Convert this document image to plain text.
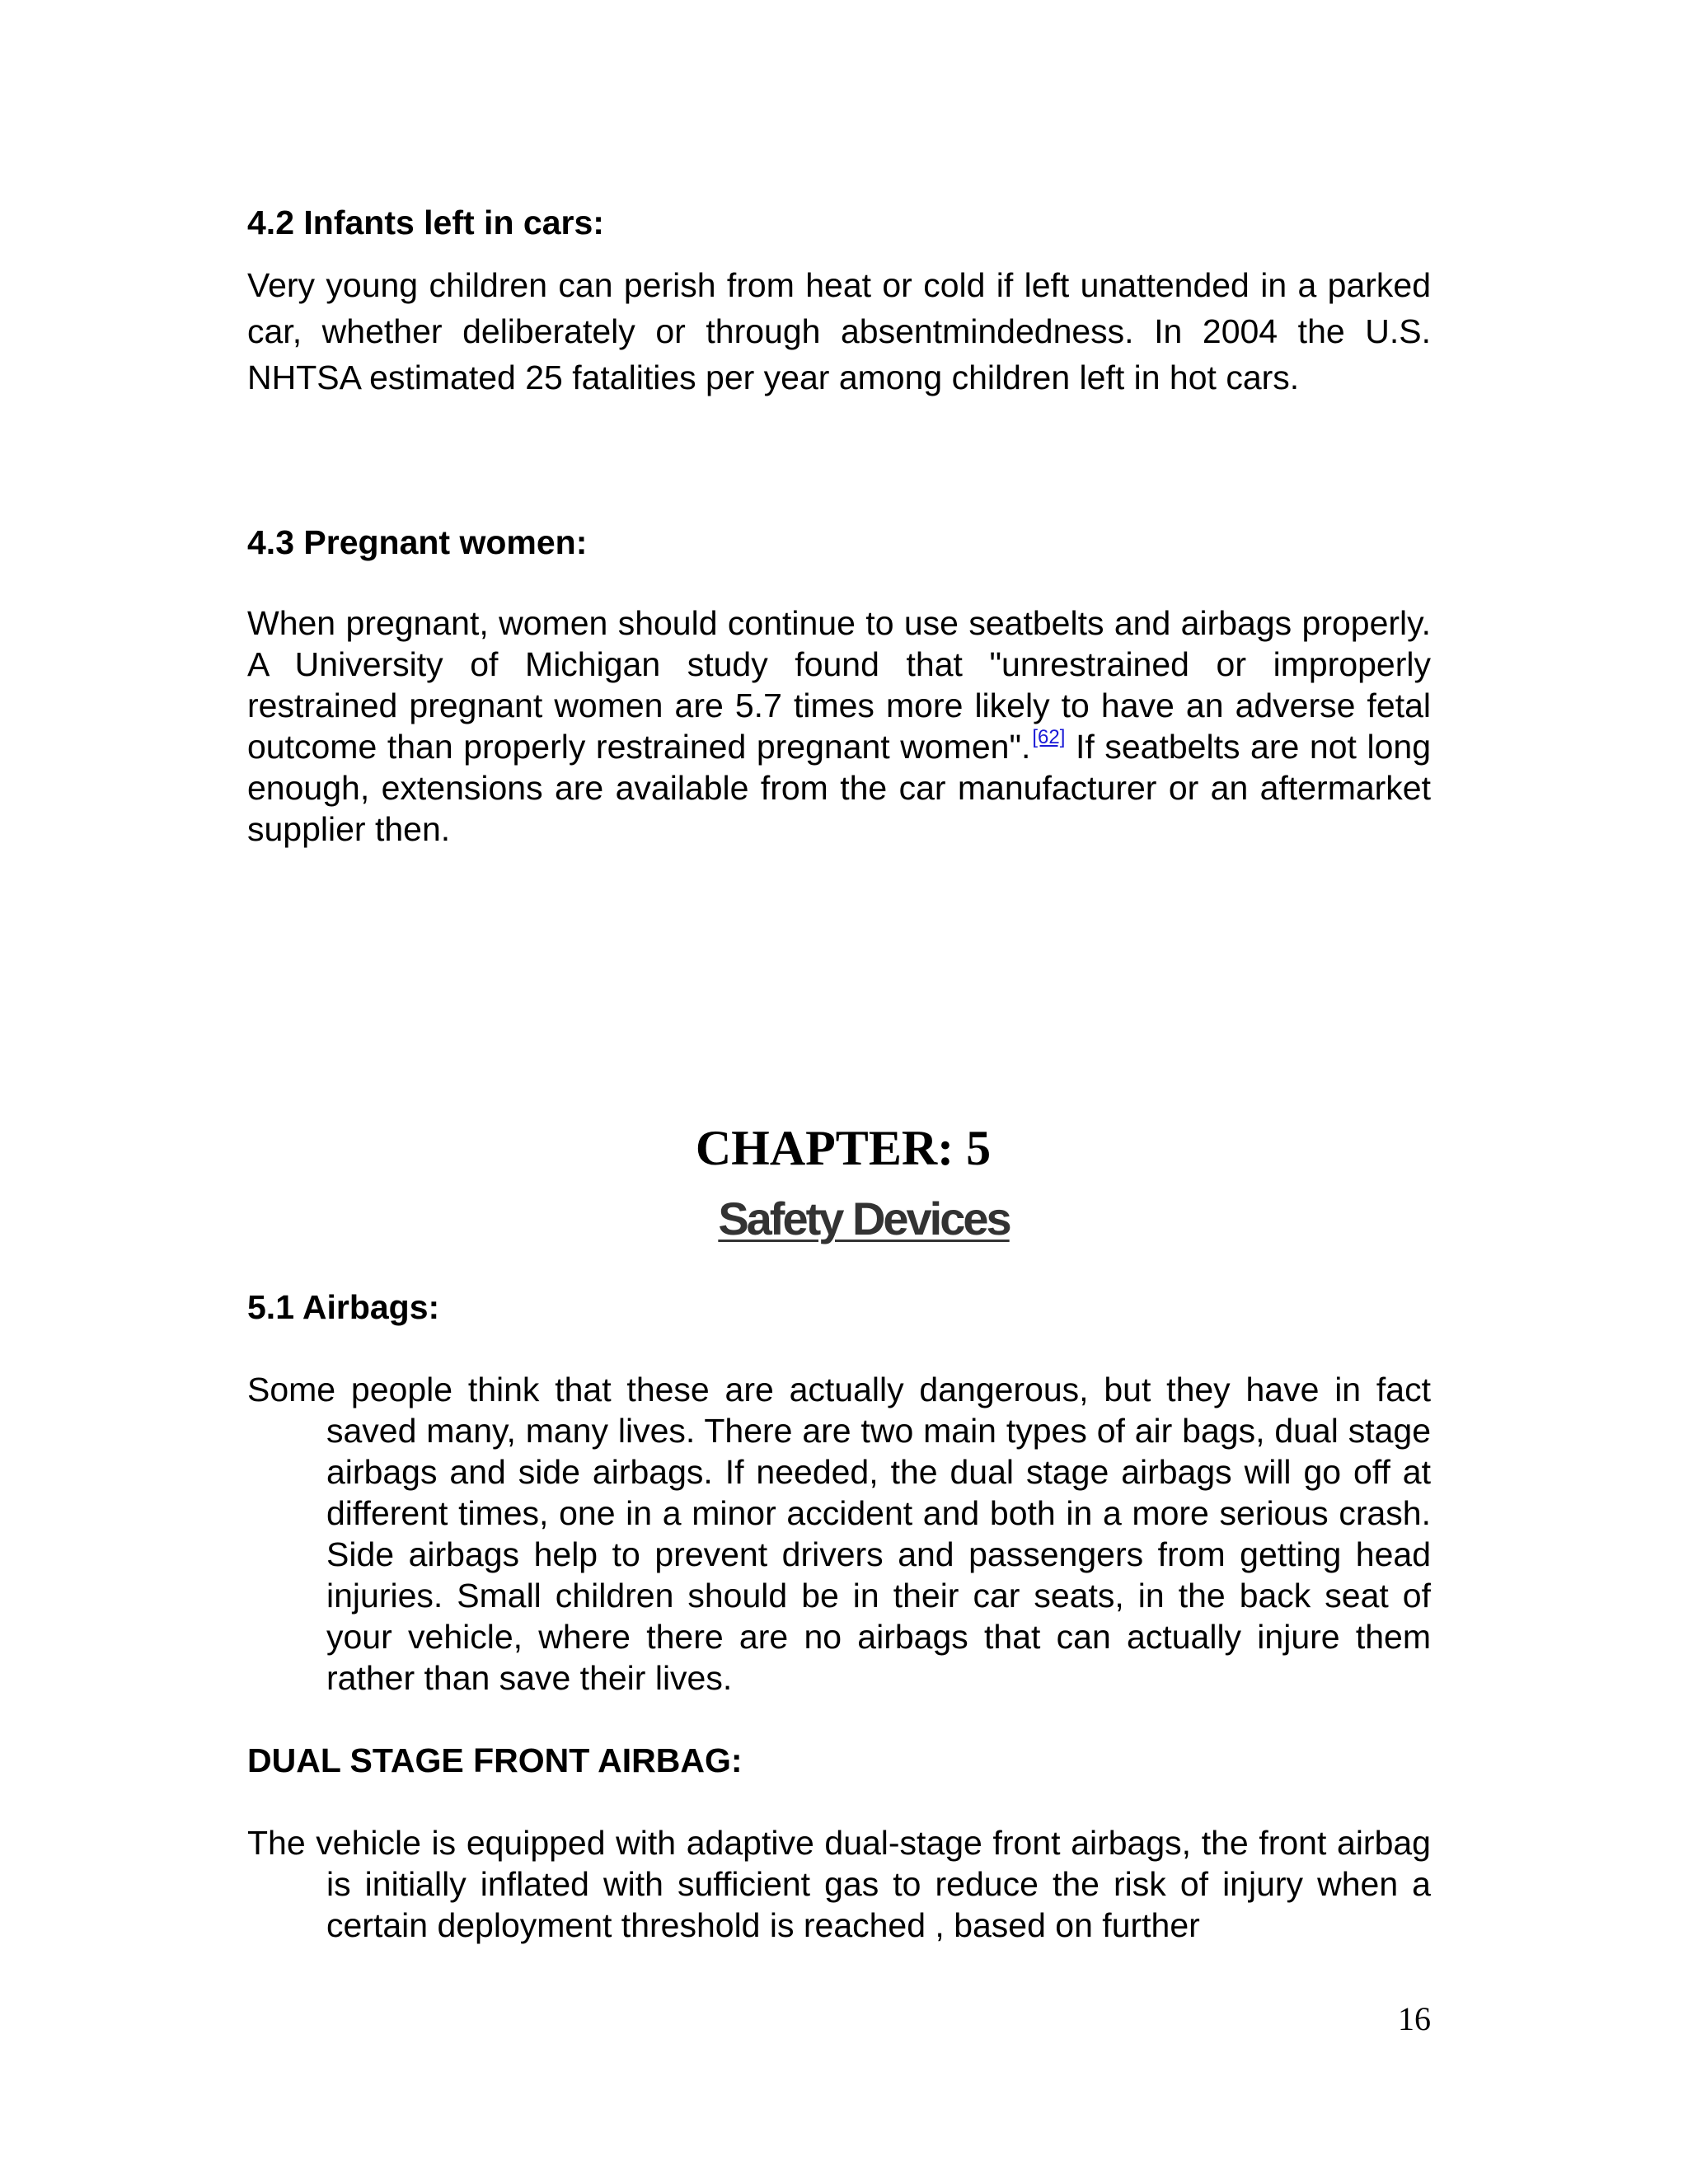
4.2 Infants left in cars:

Very young children can perish from heat or cold if left unattended in a parked car, whether deliberately or through absentmindedness. In 2004 the U.S. NHTSA estimated 25 fatalities per year among children left in hot cars.

4.3 Pregnant women:

When pregnant, women should continue to use seatbelts and airbags properly. A University of Michigan study found that "unrestrained or improperly restrained pregnant women are 5.7 times more likely to have an adverse fetal outcome than properly restrained pregnant women".[62] If seatbelts are not long enough, extensions are available from the car manufacturer or an aftermarket supplier then.

CHAPTER: 5
Safety Devices
5.1 Airbags:

Some people think that these are actually dangerous, but they have in fact saved many, many lives. There are two main types of air bags, dual stage airbags and side airbags. If needed, the dual stage airbags will go off at different times, one in a minor accident and both in a more serious crash. Side airbags help to prevent drivers and passengers from getting head injuries. Small children should be in their car seats, in the back seat of your vehicle, where there are no airbags that can actually injure them rather than save their lives.

DUAL STAGE FRONT AIRBAG:

The vehicle is equipped with adaptive dual-stage front airbags, the front airbag is initially inflated with sufficient gas to reduce the risk of injury when a certain deployment threshold is reached , based on further

16
